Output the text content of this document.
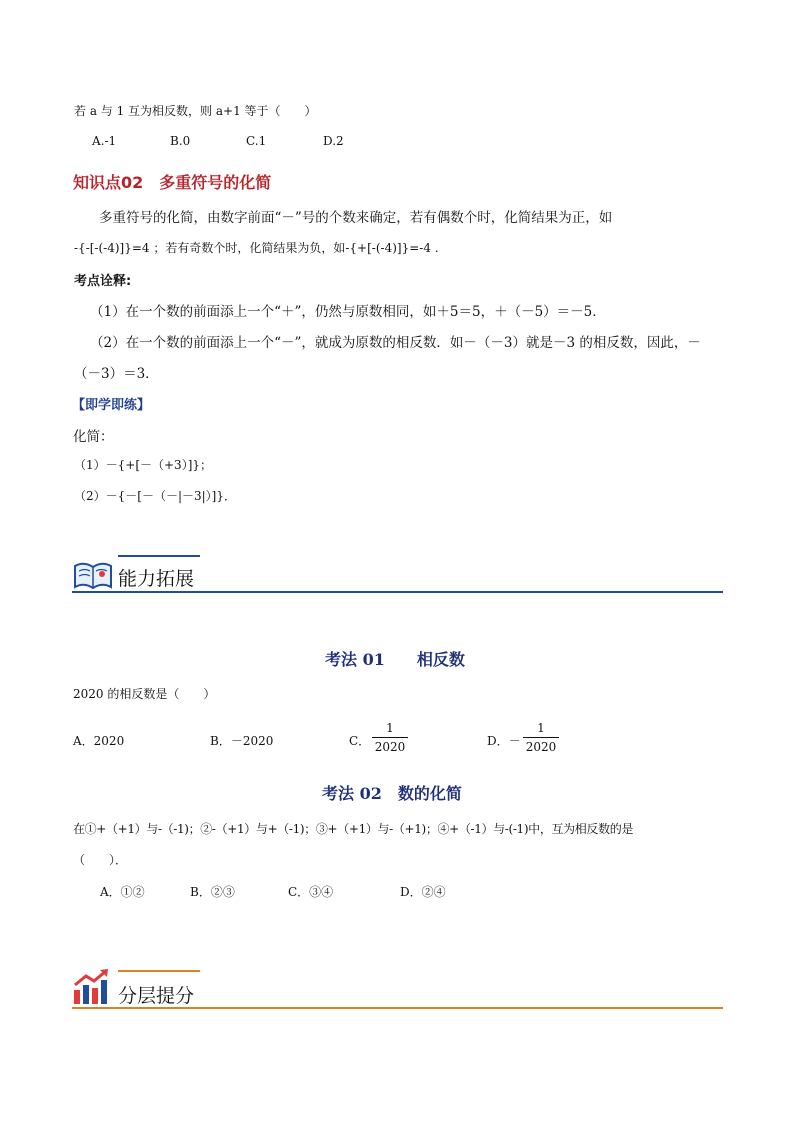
若 a 与 1 互为相反数，则 a+1 等于（　　）
A.-1	B.0	C.1	D.2
知识点02　多重符号的化简
多重符号的化简，由数字前面“－”号的个数来确定，若有偶数个时，化简结果为正，如
-{-[-(-4)]}=4 ；若有奇数个时，化简结果为负，如-{+[-(-4)]}=-4 .
考点诠释:
（1）在一个数的前面添上一个“＋”，仍然与原数相同，如＋5＝5，＋（－5）＝－5．
（2）在一个数的前面添上一个“－”，就成为原数的相反数．如－（－3）就是－3 的相反数，因此，－
（－3）＝3．
【即学即练】
化简：
（1）－{+[－（+3）]}；
（2）－{－[－（－|－3|）]}．
能力拓展
考法 01　　相反数
2020 的相反数是（　　）
A．2020	B．－2020	C．
1
2020	D．－
1
2020
考法 02　数的化简
在①+（+1）与-（-1)；②-（+1）与+（-1)；③+（+1）与-（+1)；④+（-1）与-(-1)中，互为相反数的是
（　　）．
A．①②	B．②③	C．③④	D．②④
分层提分
